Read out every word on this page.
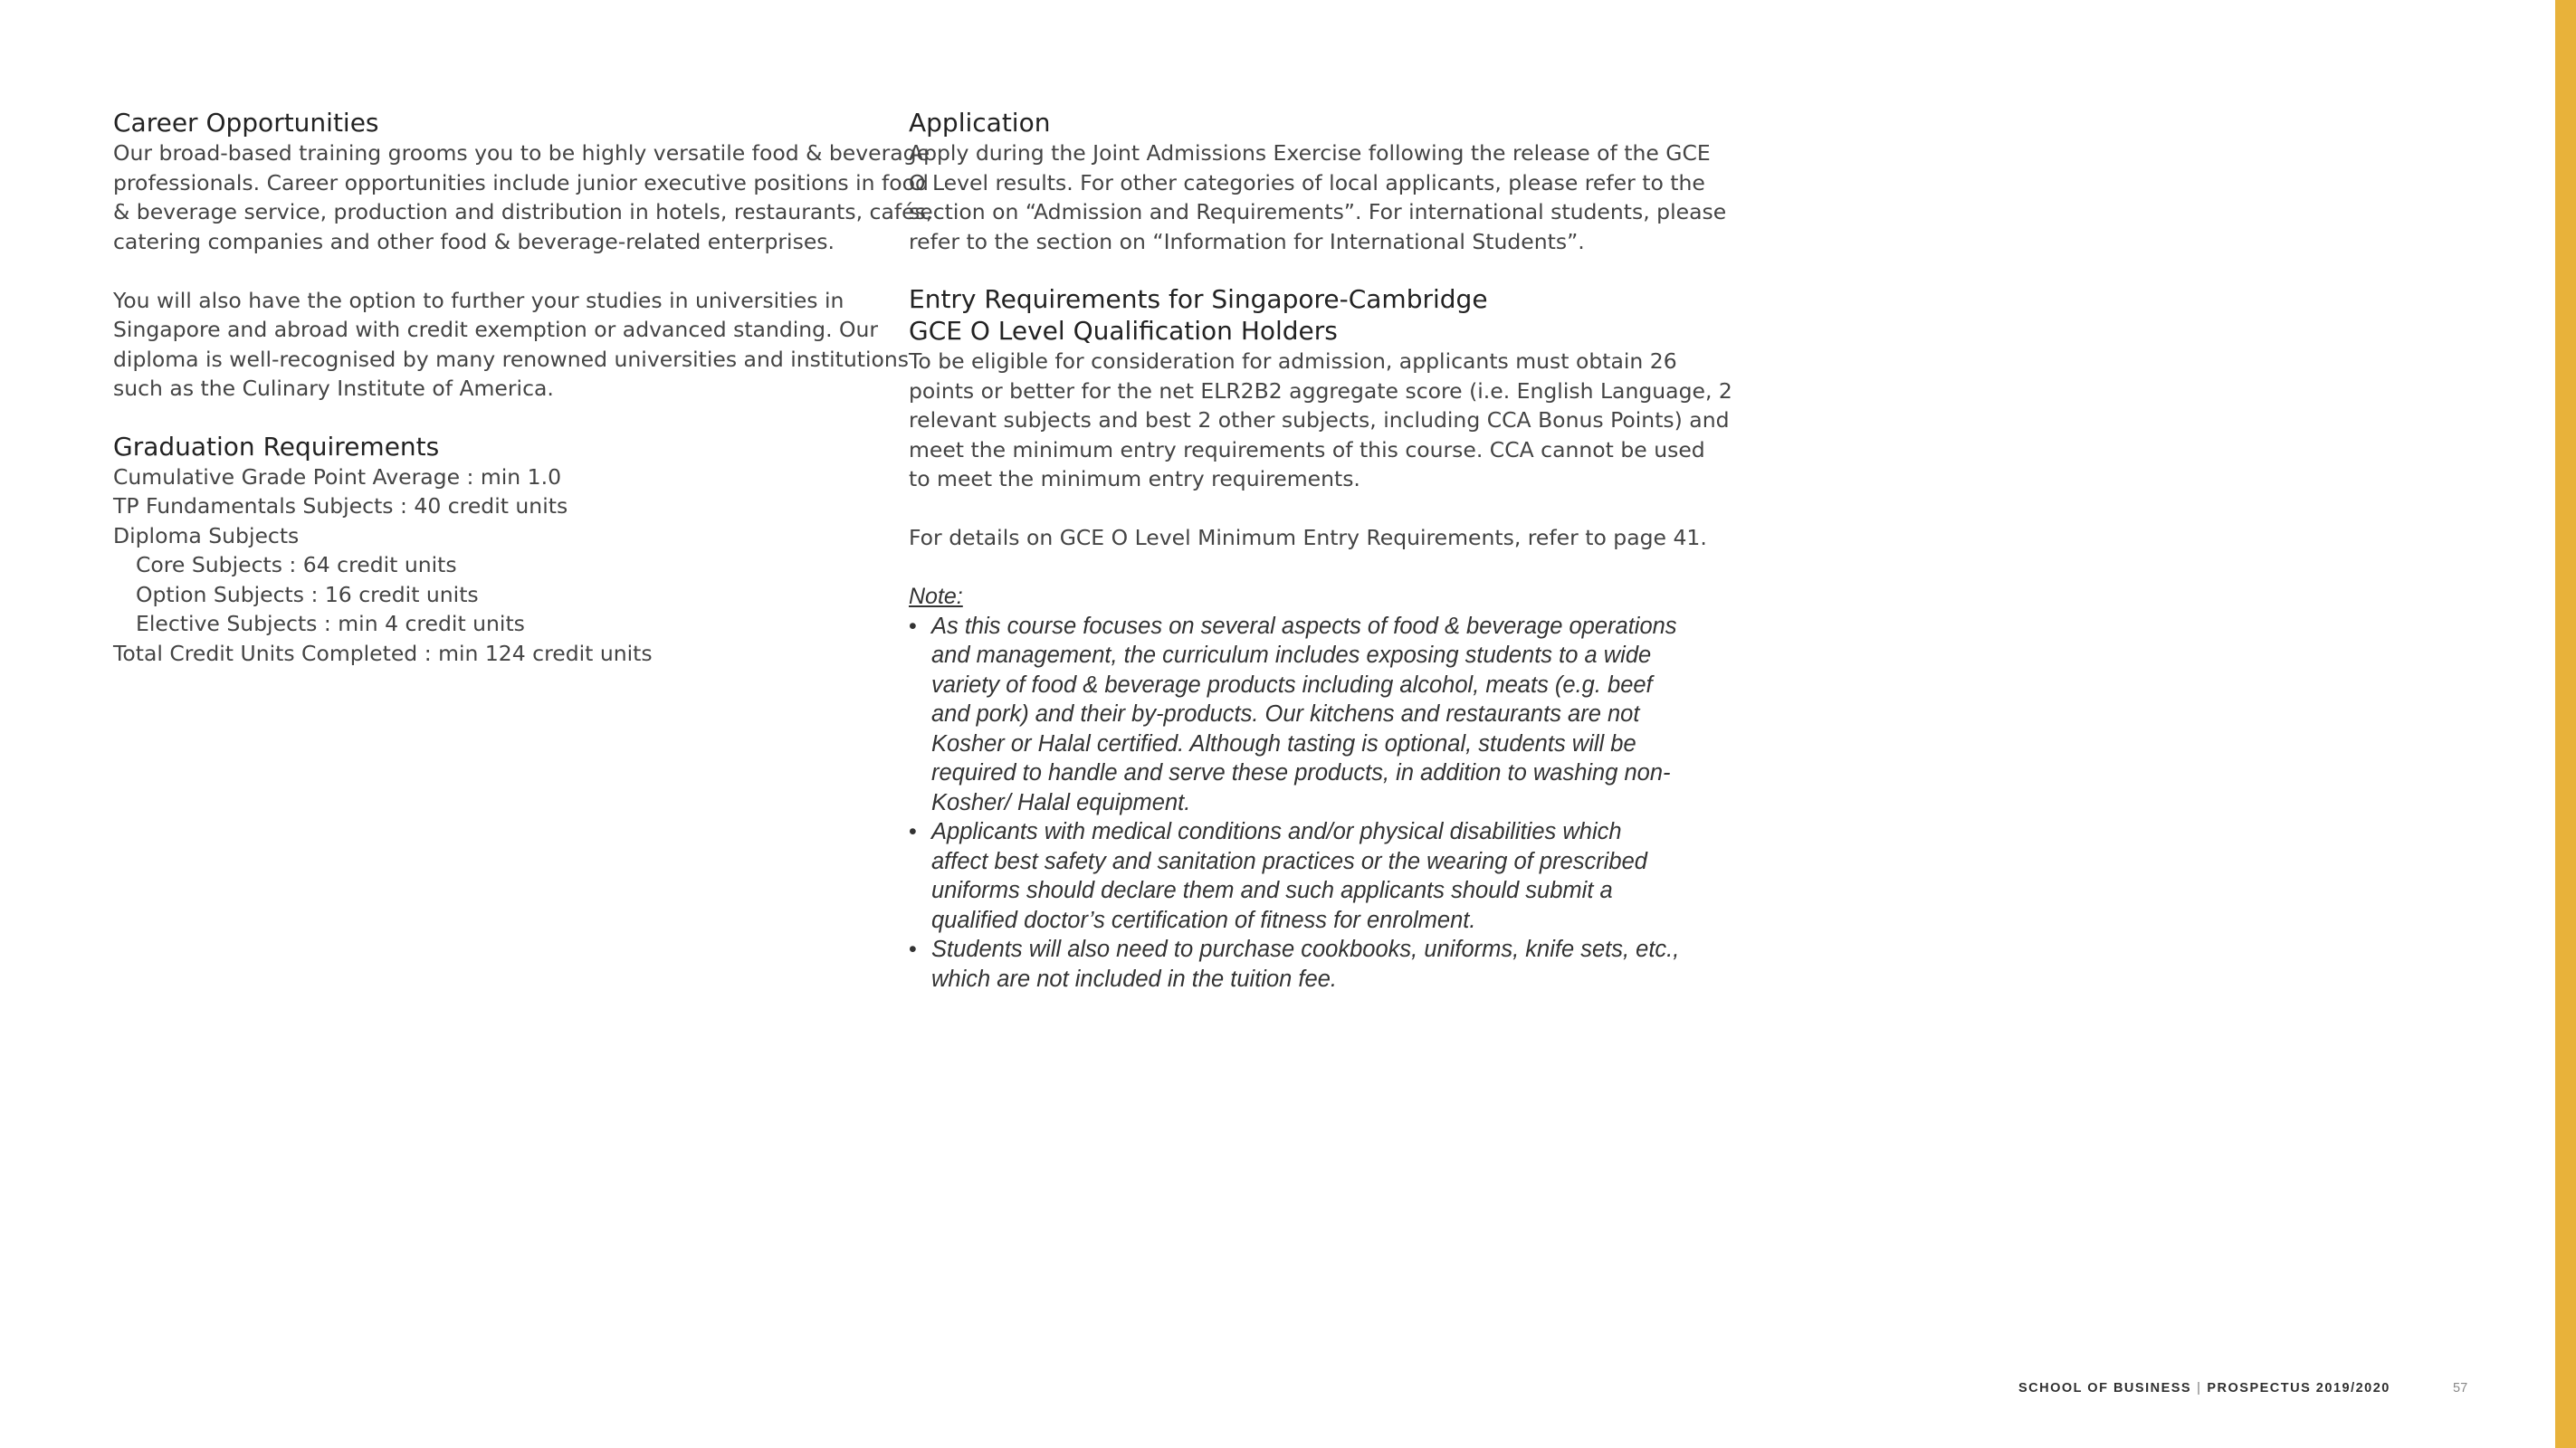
Career Opportunities

Our broad-based training grooms you to be highly versatile food & beverage
professionals. Career opportunities include junior executive positions in food
& beverage service, production and distribution in hotels, restaurants, cafés,
catering companies and other food & beverage-related enterprises.

You will also have the option to further your studies in universities in
Singapore and abroad with credit exemption or advanced standing. Our
diploma is well-recognised by many renowned universities and institutions
such as the Culinary Institute of America.

Graduation Requirements
Cumulative Grade Point Average : min 1.0
TP Fundamentals Subjects : 40 credit units
Diploma Subjects
Core Subjects : 64 credit units
Option Subjects : 16 credit units
Elective Subjects : min 4 credit units
Total Credit Units Completed : min 124 credit units
Application

Apply during the Joint Admissions Exercise following the release of the GCE
O Level results. For other categories of local applicants, please refer to the
section on “Admission and Requirements”. For international students, please
refer to the section on “Information for International Students”.

Entry Requirements for Singapore-Cambridge
GCE O Level Qualification Holders

To be eligible for consideration for admission, applicants must obtain 26
points or better for the net ELR2B2 aggregate score (i.e. English Language, 2
relevant subjects and best 2 other subjects, including CCA Bonus Points) and
meet the minimum entry requirements of this course. CCA cannot be used
to meet the minimum entry requirements.

For details on GCE O Level Minimum Entry Requirements, refer to page 41.

Note:
• As this course focuses on several aspects of food & beverage operations
and management, the curriculum includes exposing students to a wide
variety of food & beverage products including alcohol, meats (e.g. beef
and pork) and their by-products. Our kitchens and restaurants are not
Kosher or Halal certified. Although tasting is optional, students will be
required to handle and serve these products, in addition to washing non-
Kosher/ Halal equipment.
• Applicants with medical conditions and/or physical disabilities which
affect best safety and sanitation practices or the wearing of prescribed
uniforms should declare them and such applicants should submit a
qualified doctor’s certification of fitness for enrolment.
• Students will also need to purchase cookbooks, uniforms, knife sets, etc.,
which are not included in the tuition fee.
SCHOOL OF BUSINESS | PROSPECTUS 2019/2020	57
